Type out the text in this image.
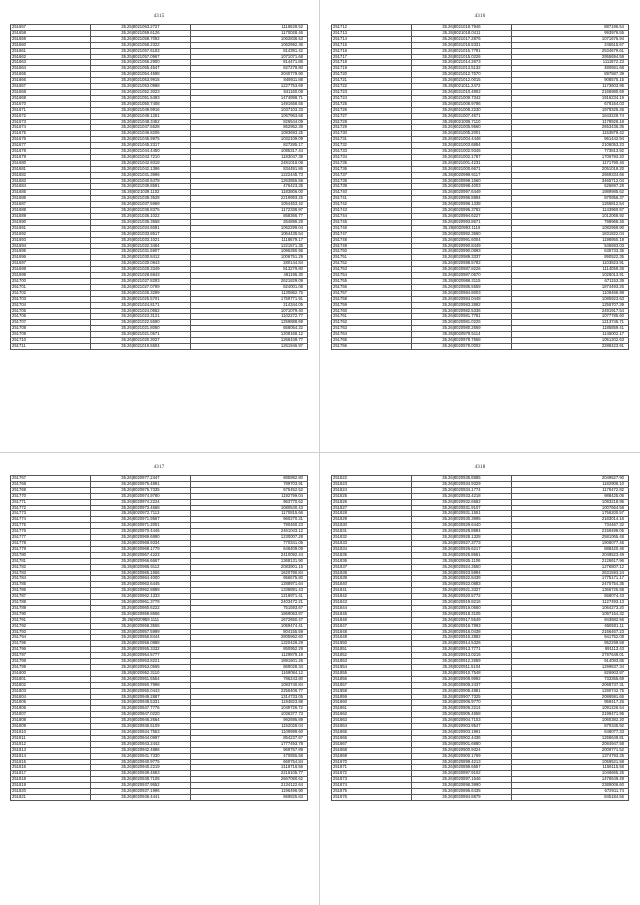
4315
251657	35.25|8021063.2727	1116628.52
251658	35.26|8021059.6126	1170028.46
251659	35.26|8021058.7092	1062836.53
251660	35.25|8021058.2322	1062992.36
251661	35.26|8021057.6183	814391.42
251662	35.25|8021057.0967	1071071.68
251663	35.26|8021056.2900	814471.86
251664	35.26|8021055.4547	827279.80
251665	35.26|8021054.4598	2040779.90
251666	35.26|8021053.9915	849811.88
251667	35.26|8021053.0988	1227753.69
251668	35.26|8021052.3023	841160.08
251669	35.26|8021051.5493	1474898.71
251670	35.26|8021050.7408	1491658.55
251671	35.26|8021049.9916	1037103.33
251672	35.26|8021049.1251	1067963.68
251673	35.26|8021048.3452	826544.09
251674	35.26|8021047.5528	862952.39
251675	35.26|8021046.8206	1083693.25
251676	35.26|8021045.9975	1032109.09
251677	35.26|8021045.2317	827285.17
251678	35.26|8021044.4450	1085317.44
251679	35.26|8021043.7210	1183047.39
251680	35.26|8021042.9318	2481018.08
251681	35.26|8021042.1396	834491.86
251682	35.26|8021041.3996	1222445.73
251683	35.26|8021040.6478	1263855.59
251684	35.26|8021039.8591	476423.35
251685	35.26|8021039.1102	1183806.00
251686	35.26|8021038.3528	2219993.25
251687	35.26|8021037.5969	1054453.42
251688	35.26|8021036.8375	1172336.97
251689	35.26|8021036.1022	858366.77
251690	35.26|8021035.3558	264896.29
251691	35.26|8021034.6081	1062299.04
251692	35.26|8021033.8517	1064435.54
251693	35.26|8021033.1021	1118879.17
251694	35.26|8021032.3464	1221571.35
251695	35.26|8021031.5907	1095390.96
251696	35.26|8021030.8412	1006751.29
251697	35.26|8021030.0843	280144.84
251698	35.26|8021029.3349	813279.80
251699	35.26|8021028.5843	491195.30
251700	35.26|8021027.8293	2621829.09
251701	35.26|8021027.0799	824001.08
251702	35.26|8021026.3299	1130862.75
251703	35.26|8021025.5701	1759771.91
251704	35.26|8021024.8171	214344.05
251705	35.26|8021024.0662	1071079.40
251706	35.26|8021023.3121	1102272.77
251707	35.26|8021022.5590	1259888.69
251708	35.26|8021021.8060	858054.32
251709	35.26|8021021.0571	1209168.12
251710	35.26|8021020.3027	1266439.77
251711	35.26|8021019.5504	1261946.97
4316
251712	35.26|8021018.7946	887196.54
251713	35.26|8021018.0411	993976.55
251714	35.26|8021017.2876	1071675.94
251715	35.26|8021016.5331	245615.67
251716	35.26|8021015.7791	2534679.61
251717	35.26|8021015.0226	2955694.59
251718	35.26|8021014.2673	1111872.23
251719	35.26|8021013.5132	480661.68
251720	35.26|8021012.7570	897587.39
251721	35.26|8021012.0015	908575.15
251722	35.26|8021011.2472	1173603.96
251723	35.26|8021010.4902	2166980.69
251724	35.26|8021009.7342	1916234.19
251725	35.26|8021008.9786	678164.03
251726	35.26|8021008.2230	1979325.26
251727	35.26|8021007.4671	1643229.74
251728	35.26|8021006.7110	1179926.18
251729	35.26|8021005.9560	2653436.36
251730	35.26|8021005.2001	1153879.42
251731	35.26|8021004.4448	961442.94
251732	35.26|8021003.6894	2106053.23
251733	35.26|8021002.9345	773813.92
251734	35.26|8021002.1787	1706793.20
251735	35.26|8021001.4231	1171790.46
251736	35.26|8021000.6671	2051019.20
251737	35.26|8020999.9117	2669334.66
251738	35.26|8020999.1560	3465712.04
251739	35.26|8020998.4003	526697.28
251740	35.26|8020997.6449	1989985.62
251741	35.26|8020996.8894	970956.37
251742	35.26|8020996.1338	1266812.54
251743	35.26|8020995.3782	1143960.67
251744	35.26|8020994.6227	1012068.92
251745	35.26|8020993.8671	798968.46
251746	35.26|8020993.1116	1082969.90
251747	35.26|8020992.3560	1831822.04
251748	35.26|8020991.6004	1198950.19
251749	35.26|8020990.8449	545693.03
251750	35.26|8020990.0893	635733.35
251751	35.26|8020989.3337	890522.35
251752	35.26|8020988.5782	1103823.91
251753	35.26|8020987.8226	1114059.26
251754	35.26|8020987.0670	1026013.91
251755	35.26|8020986.3115	671153.39
251756	35.26|8020985.5559	1874493.26
251757	35.26|8020984.8003	1108466.98
251758	35.26|8020984.0448	1085923.63
251759	35.26|8020983.2892	1255707.39
251760	35.26|8020982.5336	2491917.54
251761	35.26|8020981.7781	1077785.60
251762	35.26|8020981.0225	1213745.71
251763	35.26|8020980.2669	1185859.41
251764	35.26|8020979.5114	1146002.17
251765	35.26|8020978.7558	1051202.63
251766	35.26|8020978.0002	2288423.91
4317
251767	35.26|8020977.2447	885982.80
251768	35.26|8020976.4891	789703.91
251769	35.26|8020975.7335	675452.52
251770	35.26|8020974.9780	1192799.04
251771	35.26|8020974.2224	963770.62
251772	35.26|8020973.4668	1080540.43
251773	35.26|8020972.7113	1170815.66
251774	35.26|8020971.9557	960270.31
251775	35.26|8020971.2001	790460.23
251776	35.26|8020970.4446	2461043.12
251777	35.26|8020969.6890	1230007.28
251778	35.26|8020968.9334	770341.05
251779	35.26|8020968.1779	646409.09
251780	35.26|8020967.4223	2410092.44
251781	35.26|8020966.6667	1368131.90
251782	35.26|8020965.9112	2083901.15
251783	35.26|8020965.1556	1620790.84
251784	35.26|8020964.4000	956675.80
251785	35.26|8020963.6445	1288971.64
251786	35.26|8020962.8889	1338891.43
251787	35.26|8020962.1333	1218971.41
251788	35.26|8020961.3778	2403472.21
251789	35.26|8020960.6222	751593.67
251790	35.26|8020959.8666	1869063.87
251791	35.26|8020959.1111	1672650.47
251792	35.26|8020958.3555	1059474.41
251793	35.26|8020957.5999	804155.59
251794	35.26|8020956.8444	2805962.60
251795	35.26|8020956.0888	1320428.29
251796	35.26|8020955.3332	850952.29
251797	35.26|8020954.5777	1129879.16
251798	35.26|8020953.8221	1891601.26
251799	35.26|8020953.0665	869028.34
251800	35.26|8020952.3110	1169084.12
251801	35.26|8020951.5554	786243.80
251802	35.26|8020950.7998	1083740.84
251803	35.26|8020950.0443	2256406.77
251804	35.26|8020949.2887	1314733.05
251805	35.26|8020948.5331	1194823.88
251806	35.26|8020947.7776	1049726.72
251807	35.26|8020947.0220	1036377.73
251808	35.26|8020946.2664	992695.89
251809	35.26|8020945.5109	1152028.04
251810	35.26|8020944.7553	1109999.60
251811	35.26|8020944.0997	854237.67
251812	35.26|8020943.2442	1777493.78
251813	35.26|8020942.4886	969757.89
251814	35.26|8020941.7330	470855.58
251815	35.26|8020940.9775	669754.84
251816	35.26|8020940.2219	2118716.56
251817	35.26|8020939.4663	2216105.77
251818	35.26|8020938.7108	2667080.62
251819	35.26|8020937.9552	2134122.64
251820	35.26|8020937.1996	1196496.90
251821	35.26|8020936.4441	869825.83
4318
251822	35.26|8020935.6885	2049627.90
251823	35.26|8020934.9329	1182906.10
251824	35.26|8020934.1774	1176472.82
251825	35.26|8020933.4218	988425.06
251826	35.26|8020932.6662	1093218.96
251827	35.26|8020931.9107	1007664.58
251828	35.26|8020931.1551	1756200.57
251829	35.26|8020930.3995	2183014.16
251830	35.26|8020929.6440	734467.32
251831	35.26|8020928.8884	2159498.05
251832	35.26|8020928.1328	2581065.48
251833	35.26|8020927.3773	1908077.46
251834	35.26|8020926.6217	888420.46
251835	35.26|8020925.8661	2049523.49
251836	35.26|8020925.1106	2126617.96
251837	35.26|8020924.3550	1276807.12
251838	35.26|8020923.5994	2631593.24
251839	35.26|8020922.8439	1775171.17
251840	35.26|8020922.0883	2475754.35
251841	35.26|8020921.3327	1366725.68
251842	35.26|8020920.5772	568074.43
251843	35.26|8020919.8216	1127493.13
251844	35.26|8020919.0660	1064273.20
251845	35.26|8020918.3105	1097154.32
251846	35.26|8020917.5549	943682.56
251847	35.26|8020916.7993	658501.11
251848	35.26|8020916.0438	2166467.23
251849	35.26|8020915.2882	941752.08
251850	35.26|8020914.5326	952299.59
251851	35.26|8020913.7771	691113.43
251852	35.26|8020913.0215	2797649.01
251853	35.26|8020912.2659	914083.85
251854	35.26|8020911.5104	1299637.34
251855	35.26|8020910.7548	826903.87
251856	35.26|8020909.9992	733355.69
251857	35.26|8020909.2437	2068737.31
251858	35.26|8020908.4881	1290742.75
251859	35.26|8020907.7325	2086591.66
251860	35.26|8020906.9770	959417.26
251861	35.26|8020906.2214	1091226.54
251862	35.26|8020905.4658	2199471.95
251863	35.26|8020904.7103	1060382.20
251864	35.26|8020903.9547	870345.92
251865	35.26|8020903.1991	648077.33
251866	35.26|8020902.4436	1266649.81
251867	35.26|8020901.6880	2084947.58
251868	35.26|8020900.9324	2009771.52
251869	35.26|8020900.1769	1374793.25
251870	35.26|8020899.4213	1059521.58
251871	35.26|8020898.6657	1156115.58
251872	35.26|8020897.9102	1046665.25
251873	35.26|8020897.1546	1476649.49
251874	35.26|8020896.3990	2389006.60
251875	35.26|8020895.6435	672911.74
251876	35.26|8020894.8879	845184.56
